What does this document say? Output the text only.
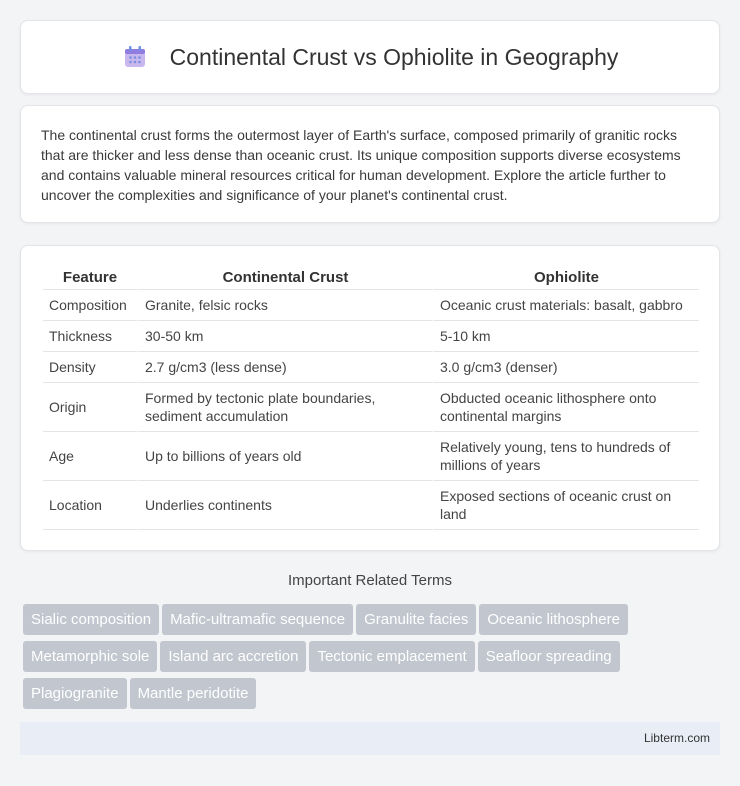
Continental Crust vs Ophiolite in Geography

The continental crust forms the outermost layer of Earth's surface, composed primarily of granitic rocks that are thicker and less dense than oceanic crust. Its unique composition supports diverse ecosystems and contains valuable mineral resources critical for human development. Explore the article further to uncover the complexities and significance of your planet's continental crust.

Feature	Continental Crust	Ophiolite
Composition	Granite, felsic rocks	Oceanic crust materials: basalt, gabbro
Thickness	30-50 km	5-10 km
Density	2.7 g/cm3 (less dense)	3.0 g/cm3 (denser)
Origin	Formed by tectonic plate boundaries, sediment accumulation	Obducted oceanic lithosphere onto continental margins
Age	Up to billions of years old	Relatively young, tens to hundreds of millions of years
Location	Underlies continents	Exposed sections of oceanic crust on land
Important Related Terms
Sialic composition Mafic-ultramafic sequence Granulite facies Oceanic lithosphere
Metamorphic sole Island arc accretion Tectonic emplacement Seafloor spreading
Plagiogranite Mantle peridotite
Libterm.com
